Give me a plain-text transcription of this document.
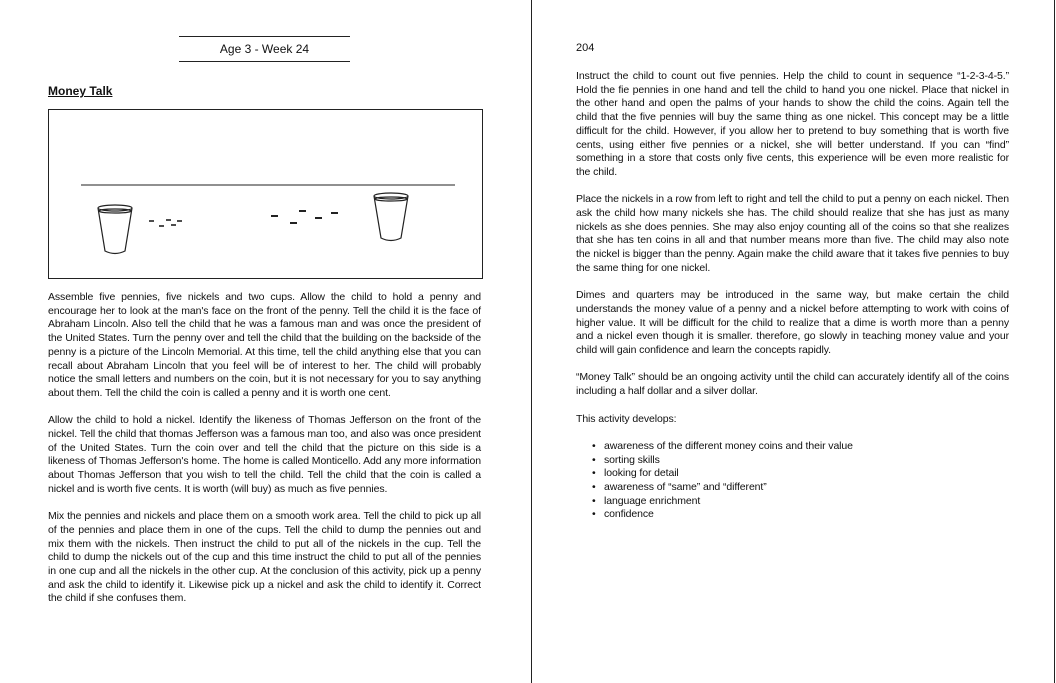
Age 3 - Week 24
Money Talk

Assemble five pennies, five nickels and two cups. Allow the child to hold a penny and encourage her to look at the man's face on the front of the penny. Tell the child it is the face of Abraham Lincoln. Also tell the child that he was a famous man and was once the president of the United States. Turn the penny over and tell the child that the building on the backside of the penny is a picture of the Lincoln Memorial. At this time, tell the child anything else that you can recall about Abraham Lincoln that you feel will be of interest to her. The child will probably notice the small letters and numbers on the coin, but it is not necessary for you to say anything about them. Tell the child the coin is called a penny and it is worth one cent.

Allow the child to hold a nickel. Identify the likeness of Thomas Jefferson on the front of the nickel. Tell the child that thomas Jefferson was a famous man too, and also was once president of the United States. Turn the coin over and tell the child that the picture on this side is a likeness of Thomas Jefferson's home. The home is called Monticello. Add any more information about Thomas Jefferson that you wish to tell the child. Tell the child that the coin is called a nickel and is worth five cents. It is worth (will buy) as much as five pennies.

Mix the pennies and nickels and place them on a smooth work area. Tell the child to pick up all of the pennies and place them in one of the cups. Tell the child to dump the pennies out and mix them with the nickels. Then instruct the child to put all of the nickels in the cup. Tell the child to dump the nickels out of the cup and this time instruct the child to put all of the pennies in one cup and all the nickels in the other cup. At the conclusion of this activity, pick up a penny and ask the child to identify it. Likewise pick up a nickel and ask the child to identify it. Correct the child if she confuses them.

204

Instruct the child to count out five pennies. Help the child to count in sequence “1-2-3-4-5.” Hold the fie pennies in one hand and tell the child to hand you one nickel. Place that nickel in the other hand and open the palms of your hands to show the child the coins. Again tell the child that the five pennies will buy the same thing as one nickel. This concept may be a little difficult for the child. However, if you allow her to pretend to buy something that is worth five cents, using either five pennies or a nickel, she will better understand. If you can “find” something in a store that costs only five cents, this experience will be even more realistic for the child.

Place the nickels in a row from left to right and tell the child to put a penny on each nickel. Then ask the child how many nickels she has. The child should realize that she has just as many nickels as she does pennies. She may also enjoy counting all of the coins so that she realizes that she has ten coins in all and that number means more than five. The child may also note the nickel is bigger than the penny. Again make the child aware that it takes five pennies to buy the same thing for one nickel.

Dimes and quarters may be introduced in the same way, but make certain the child understands the money value of a penny and a nickel before attempting to work with coins of higher value. It will be difficult for the child to realize that a dime is worth more than a penny and a nickel even though it is smaller. therefore, go slowly in teaching money value and your child will gain confidence and learn the concepts rapidly.

“Money Talk” should be an ongoing activity until the child can accurately identify all of the coins including a half dollar and a silver dollar.

This activity develops:

• awareness of the different money coins and their value
• sorting skills
• looking for detail
• awareness of “same” and “different”
• language enrichment
• confidence
